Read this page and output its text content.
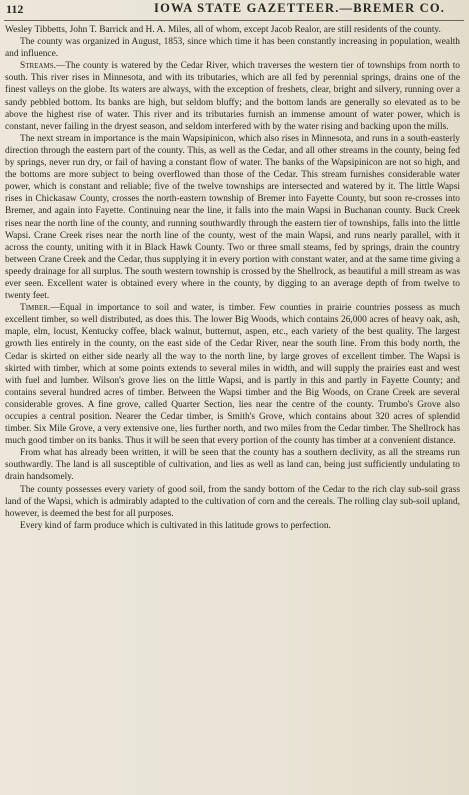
112	IOWA STATE GAZETTEER.—BREMER CO.

Wesley Tibbetts, John T. Barrick and H. A. Miles, all of whom, except Jacob Realor, are still residents of the county.

The county was organized in August, 1853, since which time it has been constantly increasing in population, wealth and influence.

Streams.—The county is watered by the Cedar River, which traverses the western tier of townships from north to south. This river rises in Minnesota, and with its tributaries, which are all fed by perennial springs, drains one of the finest valleys on the globe. Its waters are always, with the exception of freshets, clear, bright and silvery, running over a sandy pebbled bottom. Its banks are high, but seldom bluffy; and the bottom lands are generally so elevated as to be above the highest rise of water. This river and its tributaries furnish an immense amount of water power, which is constant, never failing in the dryest season, and seldom interfered with by the water rising and backing upon the mills.

The next stream in importance is the main Wapsipinicon, which also rises in Minnesota, and runs in a south-easterly direction through the eastern part of the county. This, as well as the Cedar, and all other streams in the county, being fed by springs, never run dry, or fail of having a constant flow of water. The banks of the Wapsipinicon are not so high, and the bottoms are more subject to being overflowed than those of the Cedar. This stream furnishes considerable water power, which is constant and reliable; five of the twelve townships are intersected and watered by it. The little Wapsi rises in Chickasaw County, crosses the north-eastern township of Bremer into Fayette County, but soon re-crosses into Bremer, and again into Fayette. Continuing near the line, it falls into the main Wapsi in Buchanan county. Buck Creek rises near the north line of the county, and running southwardly through the eastern tier of townships, falls into the little Wapsi. Crane Creek rises near the north line of the county, west of the main Wapsi, and runs nearly parallel, with it across the county, uniting with it in Black Hawk County. Two or three small steams, fed by springs, drain the country between Crane Creek and the Cedar, thus supplying it in every portion with constant water, and at the same time giving a speedy drainage for all surplus. The south western township is crossed by the Shellrock, as beautiful a mill stream as was ever seen. Excellent water is obtained every where in the county, by digging to an average depth of from twelve to twenty feet.

Timber.—Equal in importance to soil and water, is timber. Few counties in prairie countries possess as much excellent timber, so well distributed, as does this. The lower Big Woods, which contains 26,000 acres of heavy oak, ash, maple, elm, locust, Kentucky coffee, black walnut, butternut, aspen, etc., each variety of the best quality. The largest growth lies entirely in the county, on the east side of the Cedar River, near the south line. From this body north, the Cedar is skirted on either side nearly all the way to the north line, by large groves of excellent timber. The Wapsi is skirted with timber, which at some points extends to several miles in width, and will supply the prairies east and west with fuel and lumber. Wilson's grove lies on the little Wapsi, and is partly in this and partly in Fayette County; and contains several hundred acres of timber. Between the Wapsi timber and the Big Woods, on Crane Creek are several considerable groves. A fine grove, called Quarter Section, lies near the centre of the county. Trumbo's Grove also occupies a central position. Nearer the Cedar timber, is Smith's Grove, which contains about 320 acres of splendid timber. Six Mile Grove, a very extensive one, lies further north, and two miles from the Cedar timber. The Shellrock has much good timber on its banks. Thus it will be seen that every portion of the county has timber at a convenient distance.

From what has already been written, it will be seen that the county has a southern declivity, as all the streams run southwardly. The land is all susceptible of cultivation, and lies as well as land can, being just sufficiently undulating to drain handsomely.

The county possesses every variety of good soil, from the sandy bottom of the Cedar to the rich clay sub-soil grass land of the Wapsi, which is admirably adapted to the cultivation of corn and the cereals. The rolling clay sub-soil upland, however, is deemed the best for all purposes.

Every kind of farm produce which is cultivated in this latitude grows to perfection.
